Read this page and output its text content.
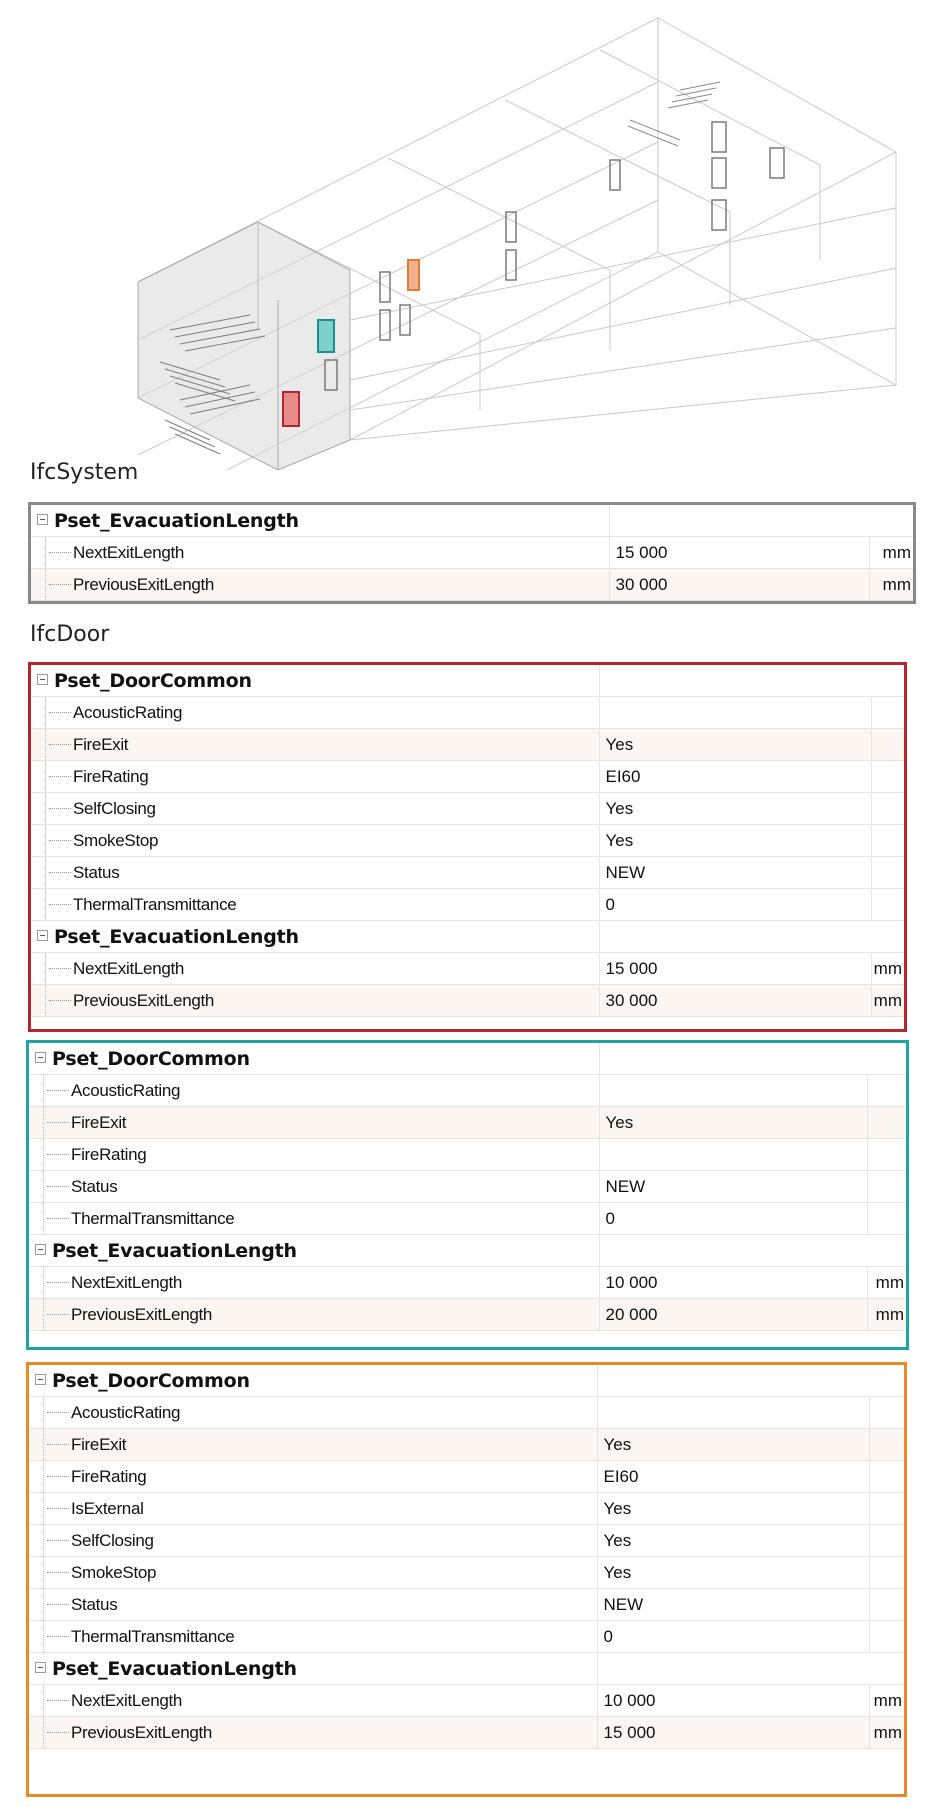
IfcSystem
Pset_EvacuationLength		
NextExitLength	15 000	mm
PreviousExitLength	30 000	mm
IfcDoor
Pset_DoorCommon		
AcousticRating		
FireExit	Yes	
FireRating	EI60	
SelfClosing	Yes	
SmokeStop	Yes	
Status	NEW	
ThermalTransmittance	0	
Pset_EvacuationLength		
NextExitLength	15 000	mm
PreviousExitLength	30 000	mm
Pset_DoorCommon		
AcousticRating		
FireExit	Yes	
FireRating		
Status	NEW	
ThermalTransmittance	0	
Pset_EvacuationLength		
NextExitLength	10 000	mm
PreviousExitLength	20 000	mm
Pset_DoorCommon		
AcousticRating		
FireExit	Yes	
FireRating	EI60	
IsExternal	Yes	
SelfClosing	Yes	
SmokeStop	Yes	
Status	NEW	
ThermalTransmittance	0	
Pset_EvacuationLength		
NextExitLength	10 000	mm
PreviousExitLength	15 000	mm
